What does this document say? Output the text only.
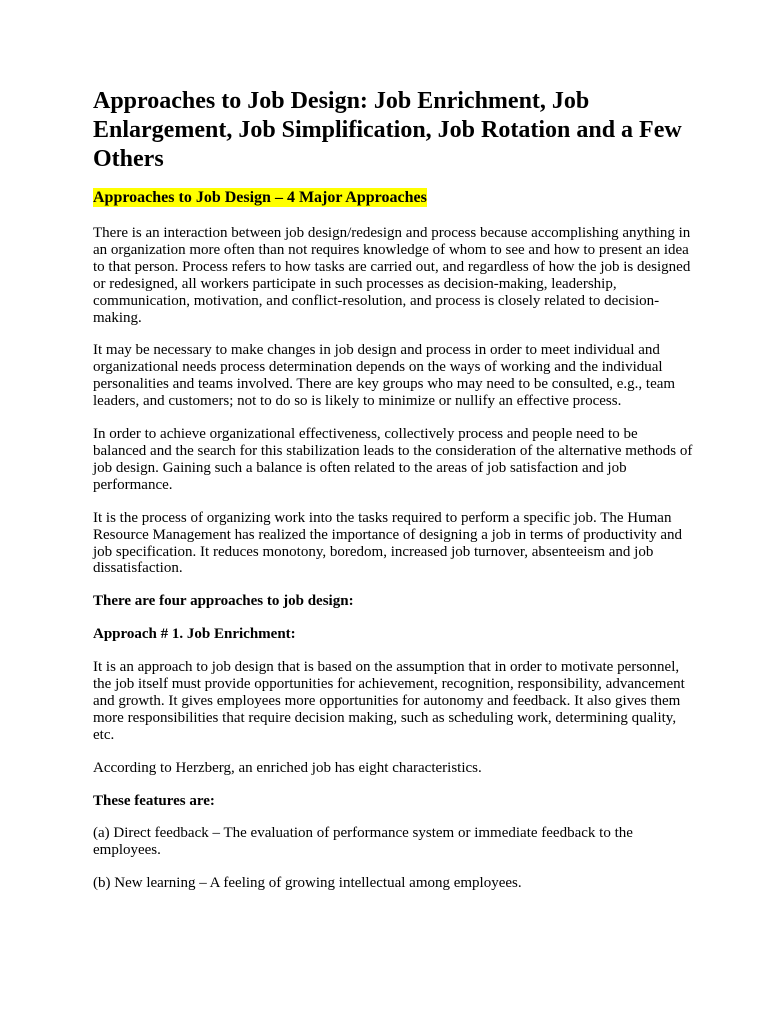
Approaches to Job Design: Job Enrichment, Job Enlargement, Job Simplification, Job Rotation and a Few Others
Approaches to Job Design – 4 Major Approaches

There is an interaction between job design/redesign and process because accomplishing anything in an organization more often than not requires knowledge of whom to see and how to present an idea to that person. Process refers to how tasks are carried out, and regardless of how the job is designed or redesigned, all workers participate in such processes as decision-making, leadership, communication, motivation, and conflict-resolution, and process is closely related to decision-making.

It may be necessary to make changes in job design and process in order to meet individual and organizational needs process determination depends on the ways of working and the individual personalities and teams involved. There are key groups who may need to be consulted, e.g., team leaders, and customers; not to do so is likely to minimize or nullify an effective process.

In order to achieve organizational effectiveness, collectively process and people need to be balanced and the search for this stabilization leads to the consideration of the alternative methods of job design. Gaining such a balance is often related to the areas of job satisfaction and job performance.

It is the process of organizing work into the tasks required to perform a specific job. The Human Resource Management has realized the importance of designing a job in terms of productivity and job specification. It reduces monotony, boredom, increased job turnover, absenteeism and job dissatisfaction.

There are four approaches to job design:

Approach # 1. Job Enrichment:

It is an approach to job design that is based on the assumption that in order to motivate personnel, the job itself must provide opportunities for achievement, recognition, responsibility, advancement and growth. It gives employees more opportunities for autonomy and feedback. It also gives them more responsibilities that require decision making, such as scheduling work, determining quality, etc.

According to Herzberg, an enriched job has eight characteristics.

These features are:

(a) Direct feedback – The evaluation of performance system or immediate feedback to the employees.

(b) New learning – A feeling of growing intellectual among employees.
